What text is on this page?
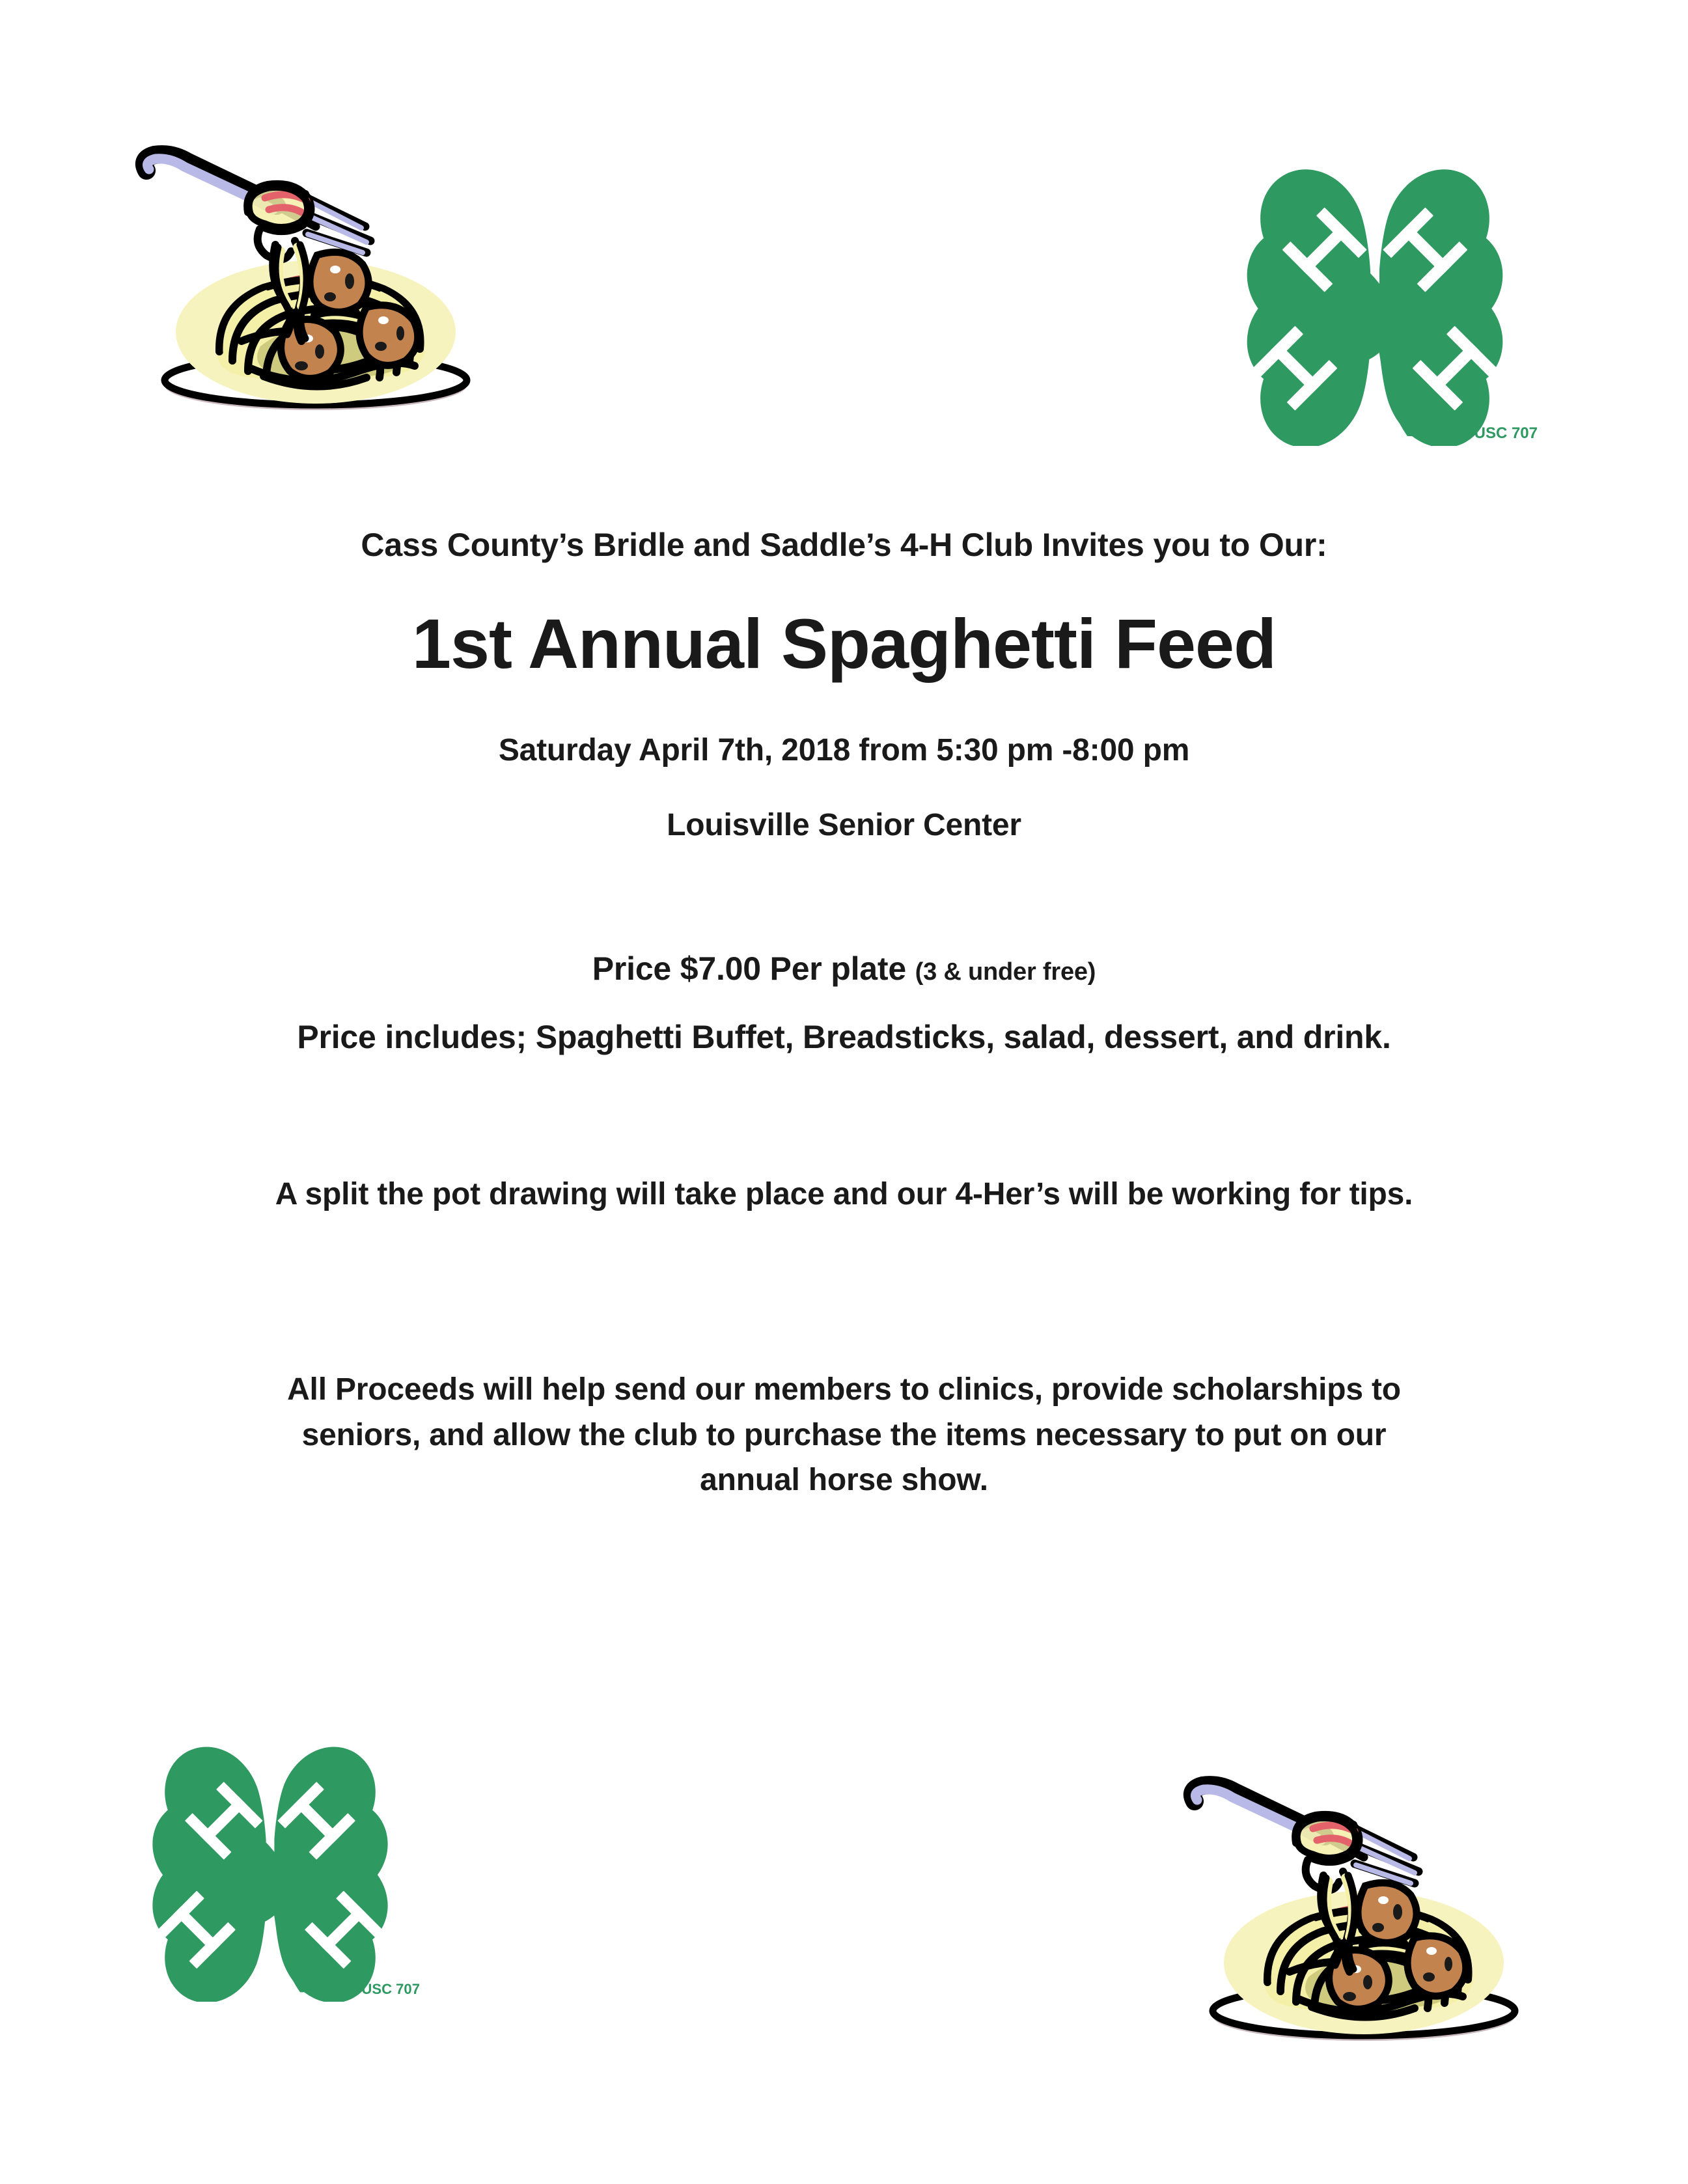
18 USC 707
Cass County’s Bridle and Saddle’s 4-H Club Invites you to Our:
1st Annual Spaghetti Feed
Saturday April 7th, 2018 from 5:30 pm -8:00 pm
Louisville Senior Center
Price $7.00 Per plate (3 & under free)
Price includes; Spaghetti Buffet, Breadsticks, salad, dessert, and drink.
A split the pot drawing will take place and our 4-Her’s will be working for tips.
All Proceeds will help send our members to clinics, provide scholarships to seniors, and allow the club to purchase the items necessary to put on our annual horse show.
18 USC 707
